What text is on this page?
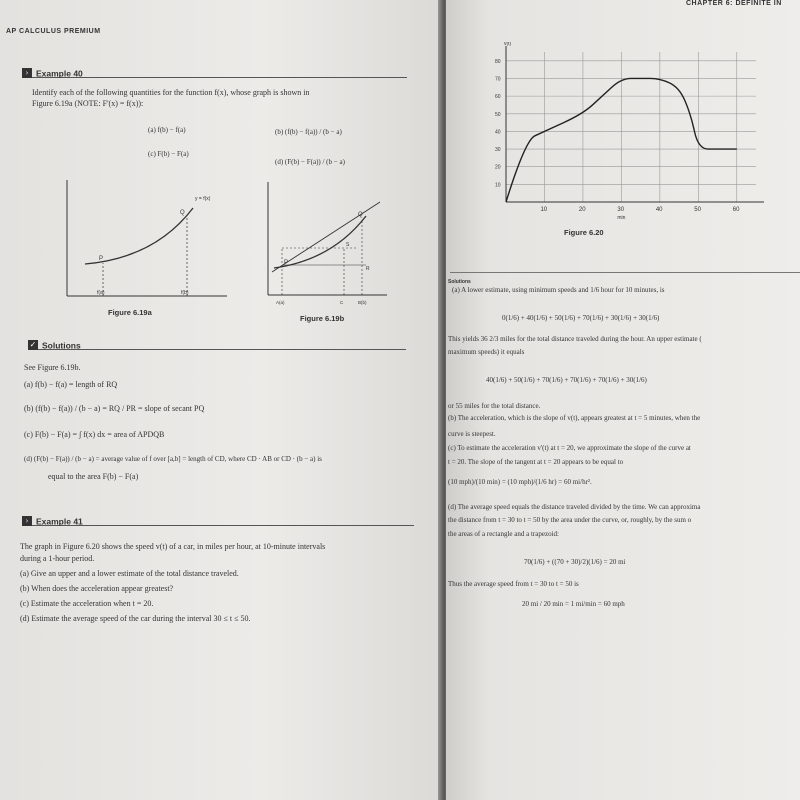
AP CALCULUS PREMIUM
› Example 40
Identify each of the following quantities for the function f(x), whose graph is shown in
Figure 6.19a (NOTE: F'(x) = f(x)):
(a) f(b) − f(a)	(b) (f(b) − f(a)) / (b − a)
(c) F(b) − F(a)
(d) (F(b) − F(a)) / (b − a)
y = f(x)
Q
P
f(a)	f(b)
Figure 6.19a
P
Q
R
S
A(a)	C	B(b)
Figure 6.19b
✓ Solutions
See Figure 6.19b.
(a) f(b) − f(a) = length of RQ
(b) (f(b) − f(a)) / (b − a) = RQ / PR = slope of secant PQ
(c) F(b) − F(a) = ∫ f(x) dx = area of APDQB
(d) (F(b) − F(a)) / (b − a) = average value of f over [a,b] = length of CD, where CD · AB or CD · (b − a) is
equal to the area F(b) − F(a)
› Example 41
The graph in Figure 6.20 shows the speed v(t) of a car, in miles per hour, at 10-minute intervals
during a 1-hour period.
(a) Give an upper and a lower estimate of the total distance traveled.
(b) When does the acceleration appear greatest?
(c) Estimate the acceleration when t = 20.
(d) Estimate the average speed of the car during the interval 30 ≤ t ≤ 50.
CHAPTER 6: DEFINITE IN
10	20	30	40	50	60
10
20
30
40
50
60
70
80
min
v(t)
Figure 6.20
Solutions
(a) A lower estimate, using minimum speeds and 1/6 hour for 10 minutes, is
0(1/6) + 40(1/6) + 50(1/6) + 70(1/6) + 30(1/6) + 30(1/6)
This yields 36 2/3 miles for the total distance traveled during the hour. An upper estimate (
maximum speeds) it equals
40(1/6) + 50(1/6) + 70(1/6) + 70(1/6) + 70(1/6) + 30(1/6)
or 55 miles for the total distance.
(b) The acceleration, which is the slope of v(t), appears greatest at t = 5 minutes, when the
curve is steepest.
(c) To estimate the acceleration v'(t) at t = 20, we approximate the slope of the curve at
t = 20. The slope of the tangent at t = 20 appears to be equal to
(10 mph)/(10 min) = (10 mph)/(1/6 hr) = 60 mi/hr².
(d) The average speed equals the distance traveled divided by the time. We can approxima
the distance from t = 30 to t = 50 by the area under the curve, or, roughly, by the sum o
the areas of a rectangle and a trapezoid:
70(1/6) + ((70 + 30)/2)(1/6) = 20 mi
Thus the average speed from t = 30 to t = 50 is
20 mi / 20 min = 1 mi/min = 60 mph
